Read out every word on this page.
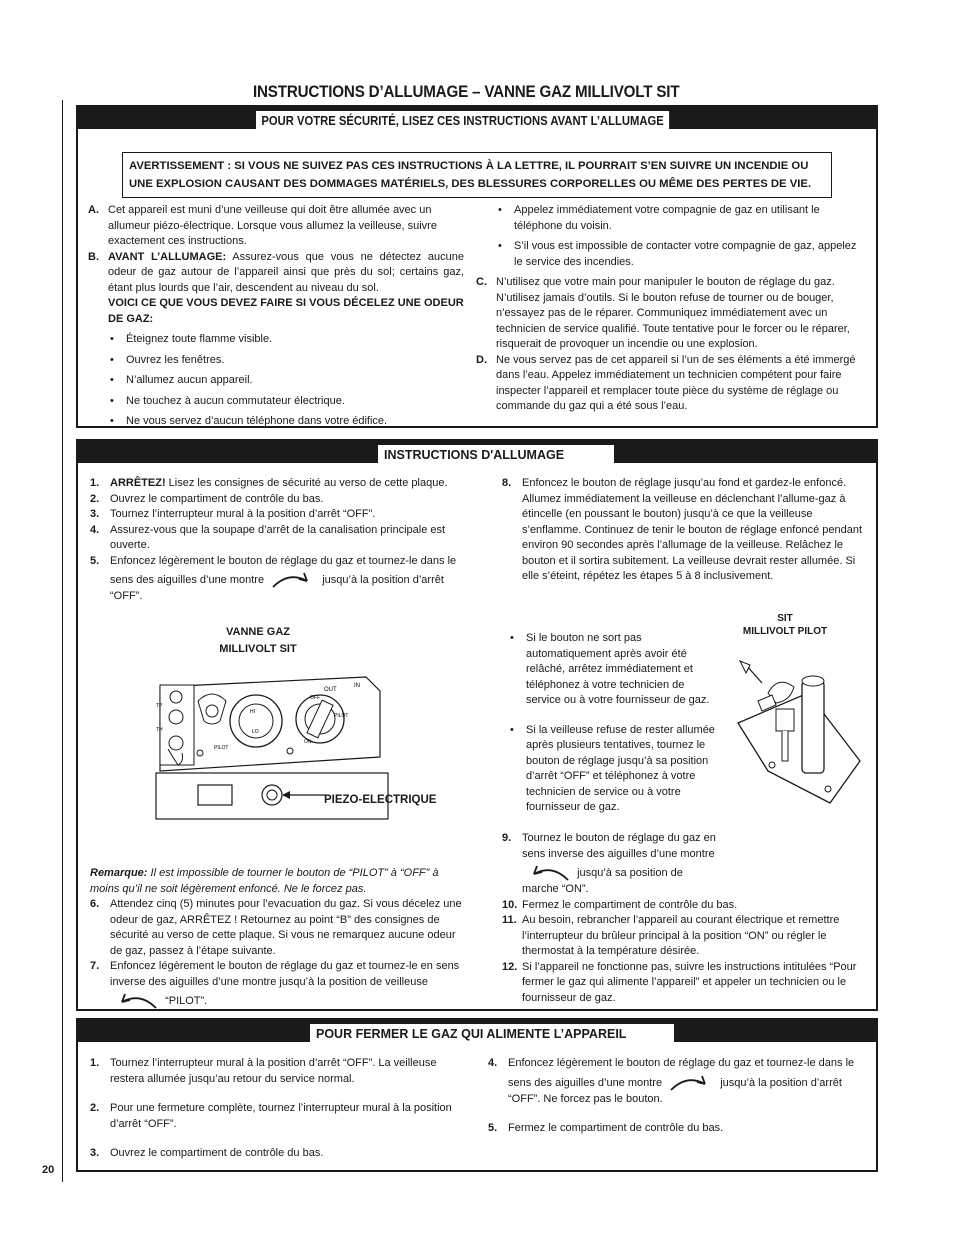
INSTRUCTIONS D’ALLUMAGE – VANNE GAZ MILLIVOLT SIT
POUR VOTRE SÉCURITÉ, LISEZ CES INSTRUCTIONS AVANT L’ALLUMAGE
AVERTISSEMENT : SI VOUS NE SUIVEZ PAS CES INSTRUCTIONS À LA LETTRE, IL POURRAIT S’EN SUIVRE UN INCENDIE OU UNE EXPLOSION CAUSANT DES DOMMAGES MATÉRIELS, DES BLESSURES CORPORELLES OU MÊME DES PERTES DE VIE.
A. Cet appareil est muni d’une veilleuse qui doit être allumée avec un allumeur piézo-électrique. Lorsque vous allumez la veilleuse, suivre exactement ces instructions.
B. AVANT L’ALLUMAGE: Assurez-vous que vous ne détectez aucune odeur de gaz autour de l’appareil ainsi que près du sol; certains gaz, étant plus lourds que l’air, descendent au niveau du sol.
VOICI CE QUE VOUS DEVEZ FAIRE SI VOUS DÉCELEZ UNE ODEUR DE GAZ:
• Éteignez toute flamme visible.
• Ouvrez les fenêtres.
• N’allumez aucun appareil.
• Ne touchez à aucun commutateur électrique.
• Ne vous servez d’aucun téléphone dans votre édifice.
• Appelez immédiatement votre compagnie de gaz en utilisant le téléphone du voisin.
• S’il vous est impossible de contacter votre compagnie de gaz, appelez le service des incendies.
C. N’utilisez que votre main pour manipuler le bouton de réglage du gaz. N’utilisez jamais d’outils. Si le bouton refuse de tourner ou de bouger, n’essayez pas de le réparer. Communiquez immédiatement avec un technicien de service qualifié. Toute tentative pour le forcer ou le réparer, risquerait de provoquer un incendie ou une explosion.
D. Ne vous servez pas de cet appareil si l’un de ses éléments a été immergé dans l’eau. Appelez immédiatement un technicien compétent pour faire inspecter l’appareil et remplacer toute pièce du système de réglage ou commande du gaz qui a été sous l’eau.
INSTRUCTIONS D'ALLUMAGE
1. ARRÊTEZ! Lisez les consignes de sécurité au verso de cette plaque.
2. Ouvrez le compartiment de contrôle du bas.
3. Tournez l’interrupteur mural à la position d’arrêt “OFF”.
4. Assurez-vous que la soupape d’arrêt de la canalisation principale est ouverte.
5. Enfoncez légèrement le bouton de réglage du gaz et tournez-le dans le sens des aiguilles d’une montre	jusqu’à la position d’arrêt “OFF”.
VANNE GAZ
MILLIVOLT SIT
HI
LO
OFF
PILOT
ON
OUT
IN
TP
TH
PILOT
PIEZO-ELECTRIQUE
Remarque: Il est impossible de tourner le bouton de “PILOT” à “OFF” à moins qu’il ne soit légèrement enfoncé. Ne le forcez pas.
6. Attendez cinq (5) minutes pour l’evacuation du gaz. Si vous décelez une odeur de gaz, ARRÊTEZ ! Retournez au point “B” des consignes de sécurité au verso de cette plaque. Si vous ne remarquez aucune odeur de gaz, passez à l’étape suivante.
7. Enfoncez légèrement le bouton de réglage du gaz et tournez-le en sens inverse des aiguilles d’une montre jusqu’à la position de veilleuse  “PILOT”.
8. Enfoncez le bouton de réglage jusqu’au fond et gardez-le enfoncé. Allumez immédiatement la veilleuse en déclenchant l’allume-gaz à étincelle (en poussant le bouton) jusqu’à ce que la veilleuse s’enflamme. Continuez de tenir le bouton de réglage enfoncé pendant environ 90 secondes après l’allumage de la veilleuse. Relâchez le bouton et il sortira subitement. La veilleuse devrait rester allumée. Si elle s’éteint, répétez les étapes 5 à 8 inclusivement.
• Si le bouton ne sort pas automatiquement après avoir été relâché, arrêtez immédiatement et téléphonez à votre technicien de service ou à votre fournisseur de gaz.
• Si la veilleuse refuse de rester allumée après plusieurs tentatives, tournez le bouton de réglage jusqu’à sa position d’arrêt “OFF” et téléphonez à votre technicien de service ou à votre fournisseur de gaz.
SIT
MILLIVOLT PILOT
9. Tournez le bouton de réglage du gaz en sens inverse des aiguilles d’une montre  jusqu’à sa position de marche “ON”.
10. Fermez le compartiment de contrôle du bas.
11. Au besoin, rebrancher l’appareil au courant électrique et remettre l’interrupteur du brûleur principal à la position “ON” ou régler le thermostat à la température désirée.
12. Si l’appareil ne fonctionne pas, suivre les instructions intitulées “Pour fermer le gaz qui alimente l’appareil” et appeler un technicien ou le fournisseur de gaz.
POUR FERMER LE GAZ QUI ALIMENTE L’APPAREIL
1. Tournez l’interrupteur mural à la position d’arrêt “OFF”. La veilleuse restera allumée jusqu’au retour du service normal.
2. Pour une fermeture complète, tournez l’interrupteur mural à la position d’arrêt “OFF”.
3. Ouvrez le compartiment de contrôle du bas.
4. Enfoncez légèrement le bouton de réglage du gaz et tournez-le dans le sens des aiguilles d’une montre	jusqu’à la position d’arrêt “OFF”. Ne forcez pas le bouton.
5. Fermez le compartiment de contrôle du bas.
20
